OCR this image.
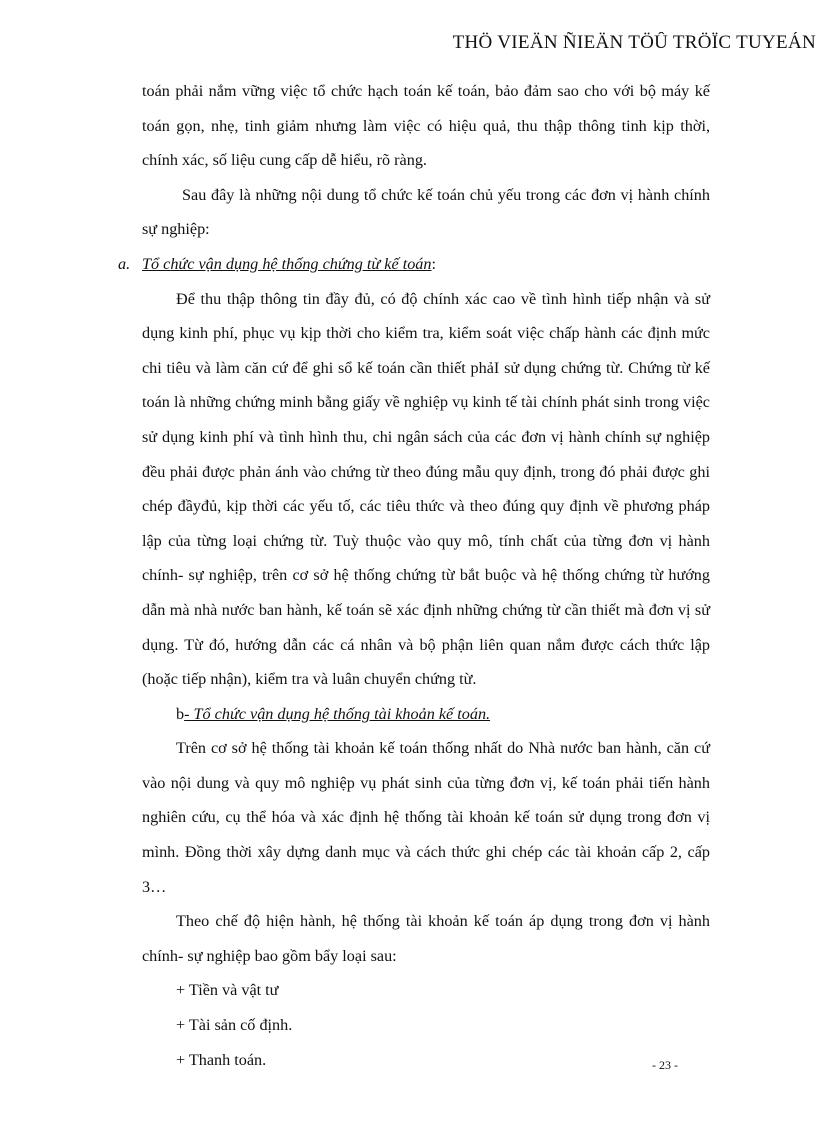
THÖ VIEÄN ÑIEÄN TÖÛ TRÖÏC TUYEÁN

toán phải nắm vững việc tổ chức hạch toán kế toán, bảo đảm sao cho với bộ máy kế toán gọn, nhẹ, tinh giảm nhưng làm việc có hiệu quả, thu thập thông tinh kịp thời, chính xác, số liệu cung cấp dễ hiểu, rõ ràng.

Sau đây là những nội dung tổ chức kế toán chủ yếu trong các đơn vị hành chính sự nghiệp:

a. Tổ chức vận dụng hệ thống chứng từ kế toán:

Để thu thập thông tin đầy đủ, có độ chính xác cao về tình hình tiếp nhận và sử dụng kinh phí, phục vụ kịp thời cho kiểm tra, kiểm soát việc chấp hành các định mức chi tiêu và làm căn cứ để ghi sổ kế toán cần thiết phảI sử dụng chứng từ. Chứng từ kế toán là những chứng minh bằng giấy về nghiệp vụ kinh tế tài chính phát sinh trong việc sử dụng kinh phí và tình hình thu, chi ngân sách của các đơn vị hành chính sự nghiệp đều phải được phản ánh vào chứng từ theo đúng mẫu quy định, trong đó phải được ghi chép đầyđủ, kịp thời các yếu tố, các tiêu thức và theo đúng quy định về phương pháp lập của từng loại chứng từ. Tuỳ thuộc vào quy mô, tính chất của từng đơn vị hành chính- sự nghiệp, trên cơ sở hệ thống chứng từ bắt buộc và hệ thống chứng từ hướng dẫn mà nhà nước ban hành, kế toán sẽ xác định những chứng từ cần thiết mà đơn vị sử dụng. Từ đó, hướng dẫn các cá nhân và bộ phận liên quan nắm được cách thức lập (hoặc tiếp nhận), kiểm tra và luân chuyển chứng từ.

b- Tổ chức vận dụng hệ thống tài khoản kế toán.

Trên cơ sở hệ thống tài khoản kế toán thống nhất do Nhà nước ban hành, căn cứ vào nội dung và quy mô nghiệp vụ phát sinh của từng đơn vị, kế toán phải tiến hành nghiên cứu, cụ thể hóa và xác định hệ thống tài khoản kế toán sử dụng trong đơn vị mình. Đồng thời xây dựng danh mục và cách thức ghi chép các tài khoản cấp 2, cấp 3…

Theo chế độ hiện hành, hệ thống tài khoản kế toán áp dụng trong đơn vị hành chính- sự nghiệp bao gồm bẩy loại sau:

+ Tiền và vật tư

+ Tài sản cố định.

+ Thanh toán.	- 23 -
